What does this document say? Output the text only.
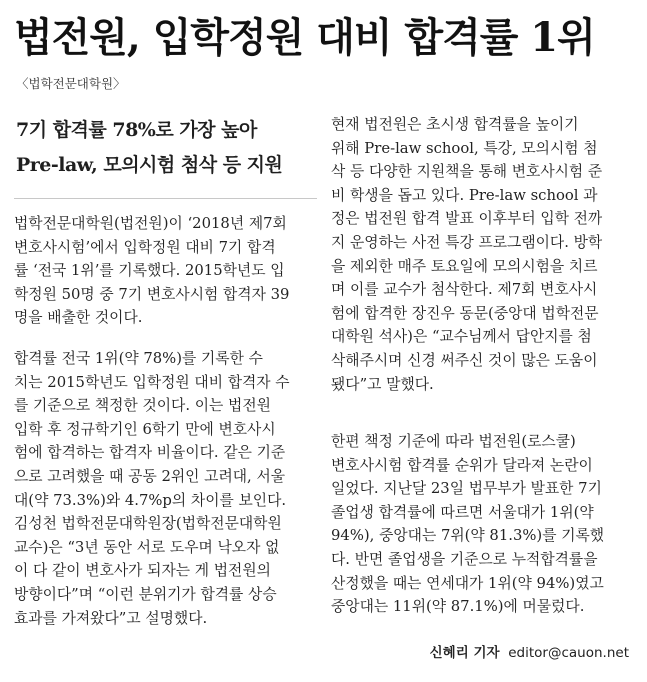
법전원, 입학정원 대비 합격률 1위
〈법학전문대학원〉
7기 합격률 78%로 가장 높아
Pre-law, 모의시험 첨삭 등 지원
법학전문대학원(법전원)이 ‘2018년 제7회
변호사시험’에서 입학정원 대비 7기 합격
률 ‘전국 1위’를 기록했다. 2015학년도 입
학정원 50명 중 7기 변호사시험 합격자 39
명을 배출한 것이다.
합격률 전국 1위(약 78%)를 기록한 수
치는 2015학년도 입학정원 대비 합격자 수
를 기준으로 책정한 것이다. 이는 법전원
입학 후 정규학기인 6학기 만에 변호사시
험에 합격하는 합격자 비율이다. 같은 기준
으로 고려했을 때 공동 2위인 고려대, 서울
대(약 73.3%)와 4.7%p의 차이를 보인다.
김성천 법학전문대학원장(법학전문대학원
교수)은 “3년 동안 서로 도우며 낙오자 없
이 다 같이 변호사가 되자는 게 법전원의
방향이다”며 “이런 분위기가 합격률 상승
효과를 가져왔다”고 설명했다.
현재 법전원은 초시생 합격률을 높이기
위해 Pre-law school, 특강, 모의시험 첨
삭 등 다양한 지원책을 통해 변호사시험 준
비 학생을 돕고 있다. Pre-law school 과
정은 법전원 합격 발표 이후부터 입학 전까
지 운영하는 사전 특강 프로그램이다. 방학
을 제외한 매주 토요일에 모의시험을 치르
며 이를 교수가 첨삭한다. 제7회 변호사시
험에 합격한 장진우 동문(중앙대 법학전문
대학원 석사)은 “교수님께서 답안지를 첨
삭해주시며 신경 써주신 것이 많은 도움이
됐다”고 말했다.
한편 책정 기준에 따라 법전원(로스쿨)
변호사시험 합격률 순위가 달라져 논란이
일었다. 지난달 23일 법무부가 발표한 7기
졸업생 합격률에 따르면 서울대가 1위(약
94%), 중앙대는 7위(약 81.3%)를 기록했
다. 반면 졸업생을 기준으로 누적합격률을
산정했을 때는 연세대가 1위(약 94%)였고
중앙대는 11위(약 87.1%)에 머물렀다.
신혜리 기자 editor@cauon.net
